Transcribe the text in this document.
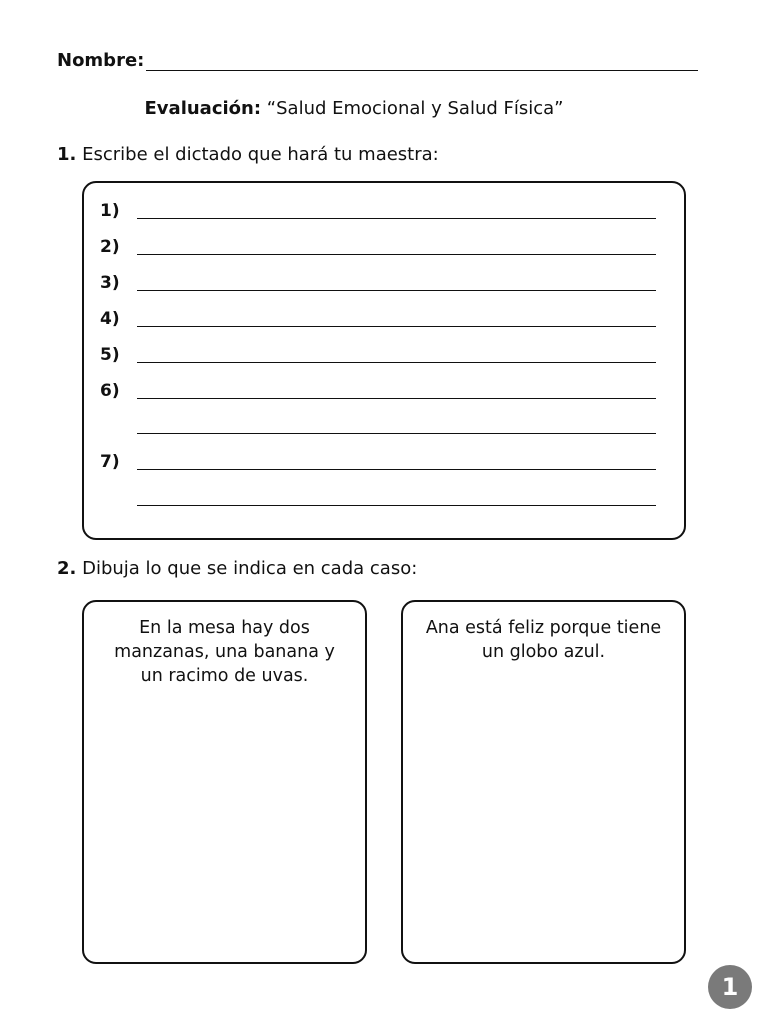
Nombre:
Evaluación: “Salud Emocional y Salud Física”
1. Escribe el dictado que hará tu maestra:
1)
2)
3)
4)
5)
6)
7)
2. Dibuja lo que se indica en cada caso:
En la mesa hay dos manzanas, una banana y un racimo de uvas.
Ana está feliz porque tiene un globo azul.
1
